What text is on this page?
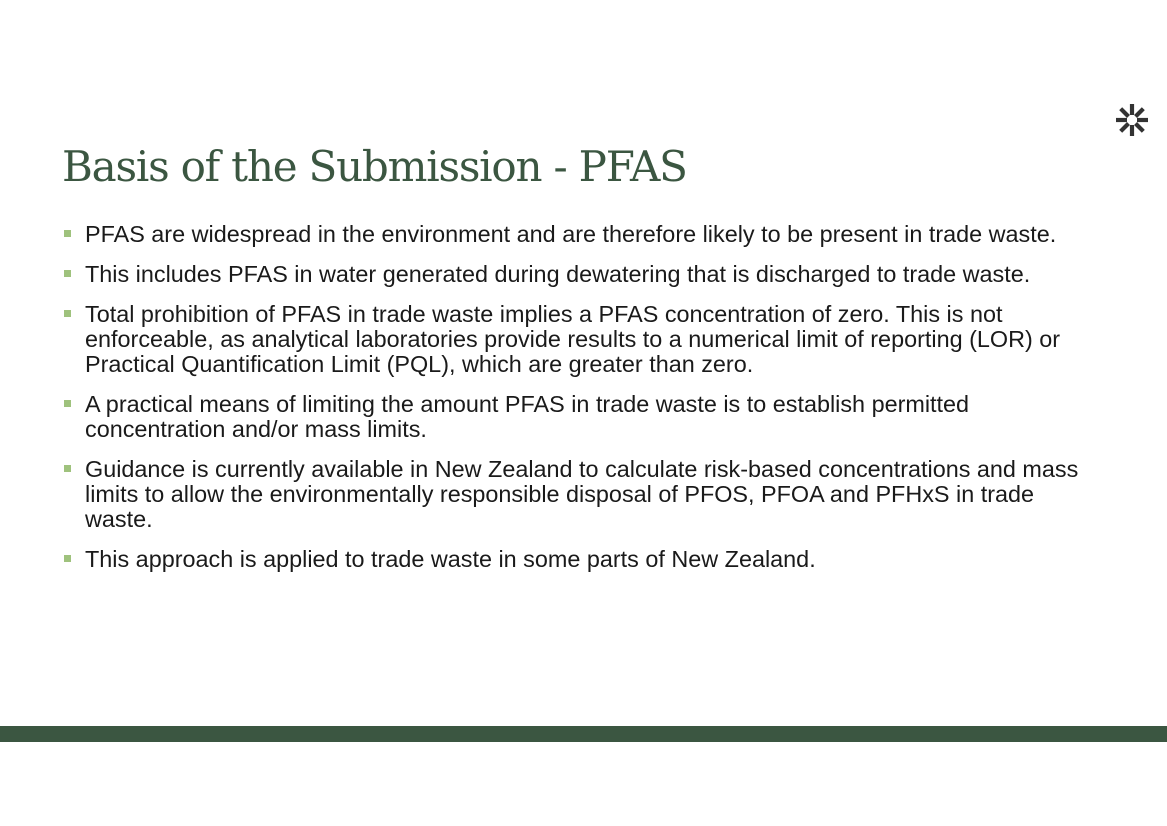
Basis of the Submission - PFAS
PFAS are widespread in the environment and are therefore likely to be present in trade waste.
This includes PFAS in water generated during dewatering that is discharged to trade waste.
Total prohibition of PFAS in trade waste implies a PFAS concentration of zero. This is not enforceable, as analytical laboratories provide results to a numerical limit of reporting (LOR) or Practical Quantification Limit (PQL), which are greater than zero.
A practical means of limiting the amount PFAS in trade waste is to establish permitted concentration and/or mass limits.
Guidance is currently available in New Zealand to calculate risk-based concentrations and mass limits to allow the environmentally responsible disposal of PFOS, PFOA and PFHxS in trade waste.
This approach is applied to trade waste in some parts of New Zealand.
